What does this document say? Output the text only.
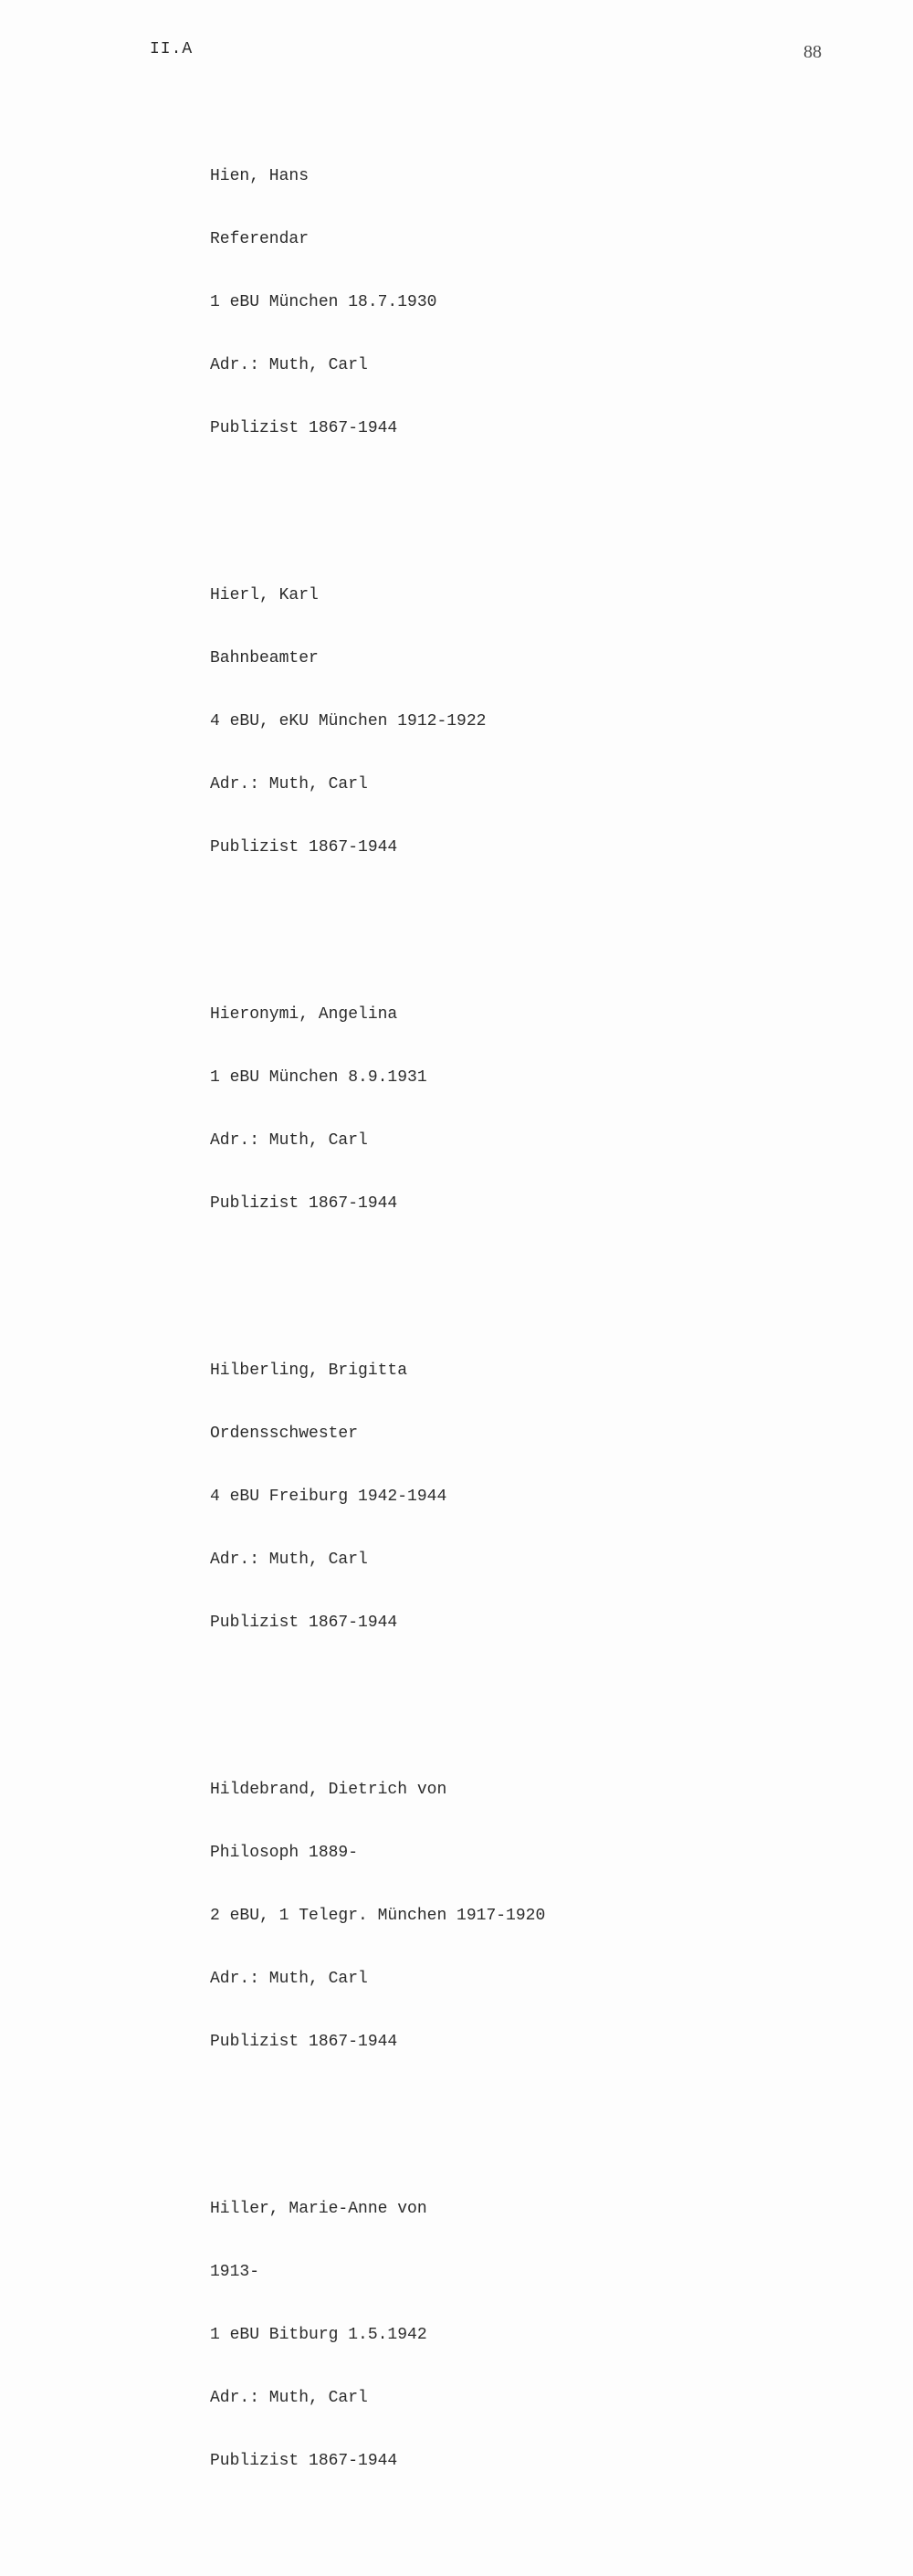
II.A	88

Hien, Hans

Referendar

1 eBU München 18.7.1930

Adr.: Muth, Carl

Publizist 1867-1944

Hierl, Karl

Bahnbeamter

4 eBU, eKU München 1912-1922

Adr.: Muth, Carl

Publizist 1867-1944

Hieronymi, Angelina

1 eBU München 8.9.1931

Adr.: Muth, Carl

Publizist 1867-1944

Hilberling, Brigitta

Ordensschwester

4 eBU Freiburg 1942-1944

Adr.: Muth, Carl

Publizist 1867-1944

Hildebrand, Dietrich von

Philosoph 1889-

2 eBU, 1 Telegr. München 1917-1920

Adr.: Muth, Carl

Publizist 1867-1944

Hiller, Marie-Anne von

1913-

1 eBU Bitburg 1.5.1942

Adr.: Muth, Carl

Publizist 1867-1944
